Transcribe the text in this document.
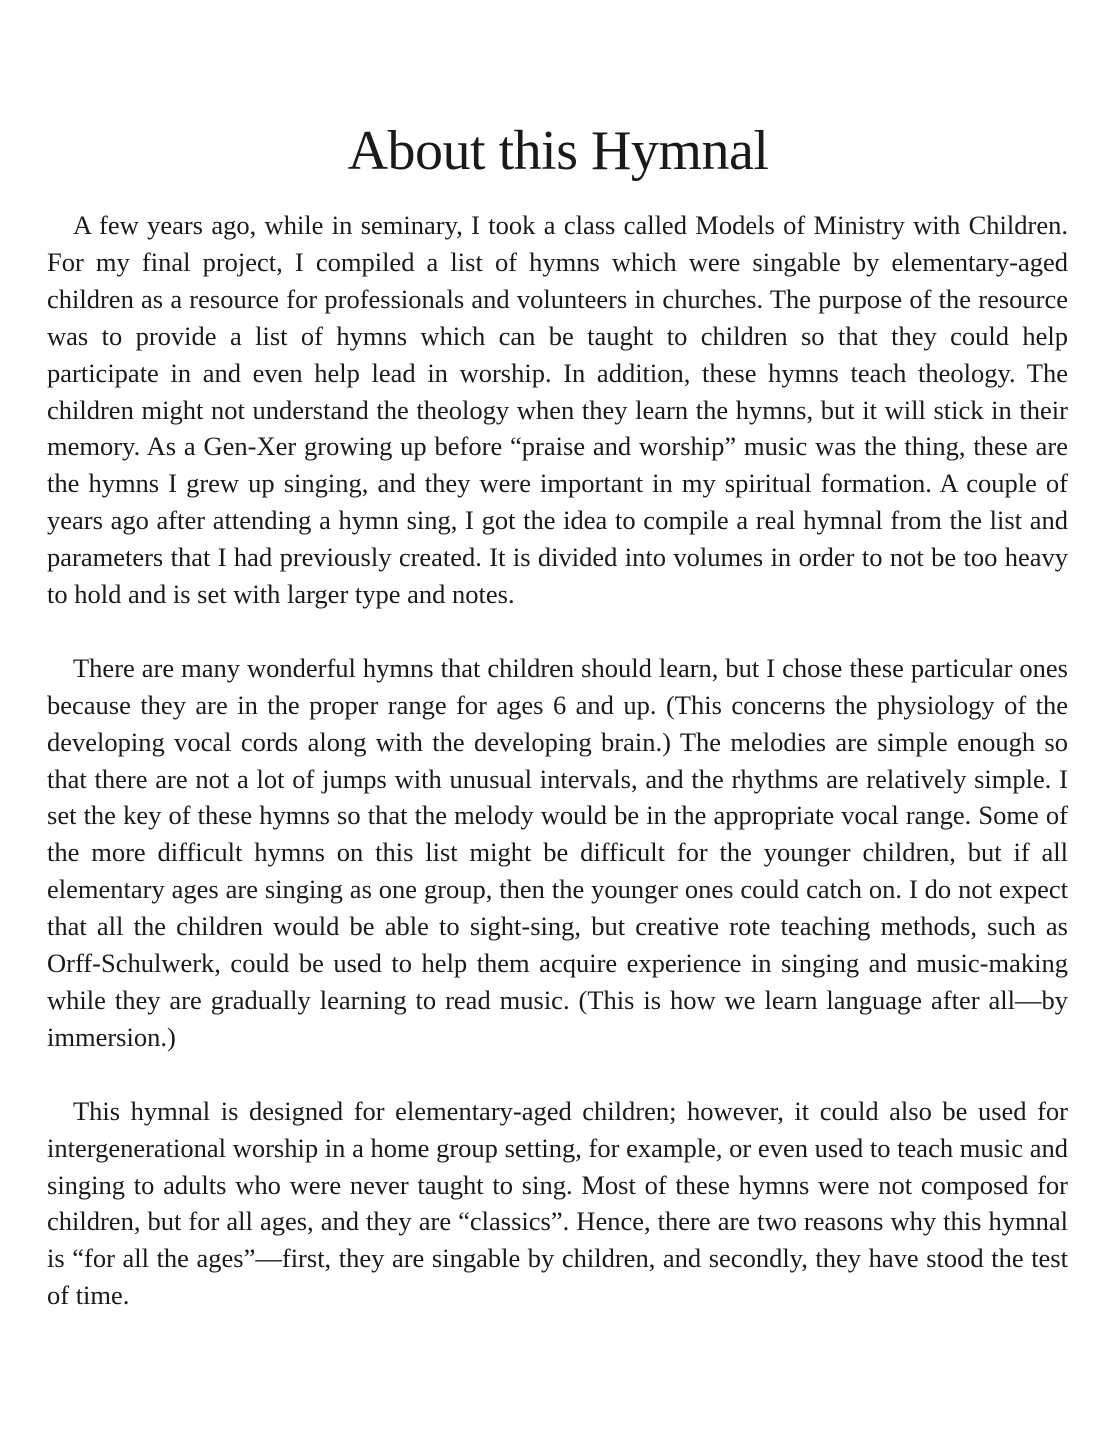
About this Hymnal

A few years ago, while in seminary, I took a class called Models of Ministry with Children. For my final project, I compiled a list of hymns which were singable by elementary-aged children as a resource for professionals and volunteers in churches. The purpose of the resource was to provide a list of hymns which can be taught to children so that they could help participate in and even help lead in worship. In addition, these hymns teach theology. The children might not understand the theology when they learn the hymns, but it will stick in their memory. As a Gen-Xer growing up before “praise and worship” music was the thing, these are the hymns I grew up singing, and they were important in my spiritual formation. A couple of years ago after attending a hymn sing, I got the idea to compile a real hymnal from the list and parameters that I had previously created. It is divided into volumes in order to not be too heavy to hold and is set with larger type and notes.

There are many wonderful hymns that children should learn, but I chose these particular ones because they are in the proper range for ages 6 and up. (This concerns the physiology of the developing vocal cords along with the developing brain.) The melodies are simple enough so that there are not a lot of jumps with unusual intervals, and the rhythms are relatively simple. I set the key of these hymns so that the melody would be in the appropriate vocal range. Some of the more difficult hymns on this list might be difficult for the younger children, but if all elementary ages are singing as one group, then the younger ones could catch on. I do not expect that all the children would be able to sight-sing, but creative rote teaching methods, such as Orff-Schulwerk, could be used to help them acquire experience in singing and music-making while they are gradually learning to read music. (This is how we learn language after all—by immersion.)

This hymnal is designed for elementary-aged children; however, it could also be used for intergenerational worship in a home group setting, for example, or even used to teach music and singing to adults who were never taught to sing. Most of these hymns were not composed for children, but for all ages, and they are “classics”. Hence, there are two reasons why this hymnal is “for all the ages”—first, they are singable by children, and secondly, they have stood the test of time.
